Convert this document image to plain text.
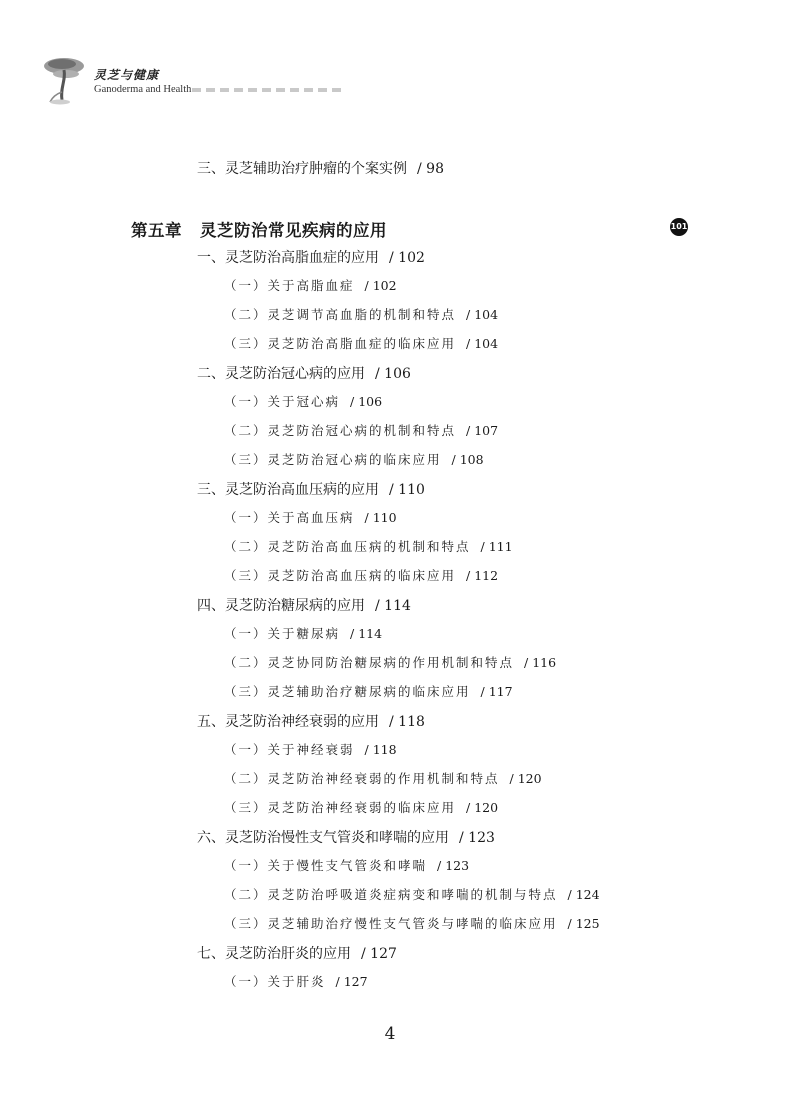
灵芝与健康
Ganoderma and Health
三、灵芝辅助治疗肿瘤的个案实例 / 98
第五章 灵芝防治常见疾病的应用	101
一、灵芝防治高脂血症的应用 / 102
（一）关于高脂血症 / 102
（二）灵芝调节高血脂的机制和特点 / 104
（三）灵芝防治高脂血症的临床应用 / 104
二、灵芝防治冠心病的应用 / 106
（一）关于冠心病 / 106
（二）灵芝防治冠心病的机制和特点 / 107
（三）灵芝防治冠心病的临床应用 / 108
三、灵芝防治高血压病的应用 / 110
（一）关于高血压病 / 110
（二）灵芝防治高血压病的机制和特点 / 111
（三）灵芝防治高血压病的临床应用 / 112
四、灵芝防治糖尿病的应用 / 114
（一）关于糖尿病 / 114
（二）灵芝协同防治糖尿病的作用机制和特点 / 116
（三）灵芝辅助治疗糖尿病的临床应用 / 117
五、灵芝防治神经衰弱的应用 / 118
（一）关于神经衰弱 / 118
（二）灵芝防治神经衰弱的作用机制和特点 / 120
（三）灵芝防治神经衰弱的临床应用 / 120
六、灵芝防治慢性支气管炎和哮喘的应用 / 123
（一）关于慢性支气管炎和哮喘 / 123
（二）灵芝防治呼吸道炎症病变和哮喘的机制与特点 / 124
（三）灵芝辅助治疗慢性支气管炎与哮喘的临床应用 / 125
七、灵芝防治肝炎的应用 / 127
（一）关于肝炎 / 127
4
